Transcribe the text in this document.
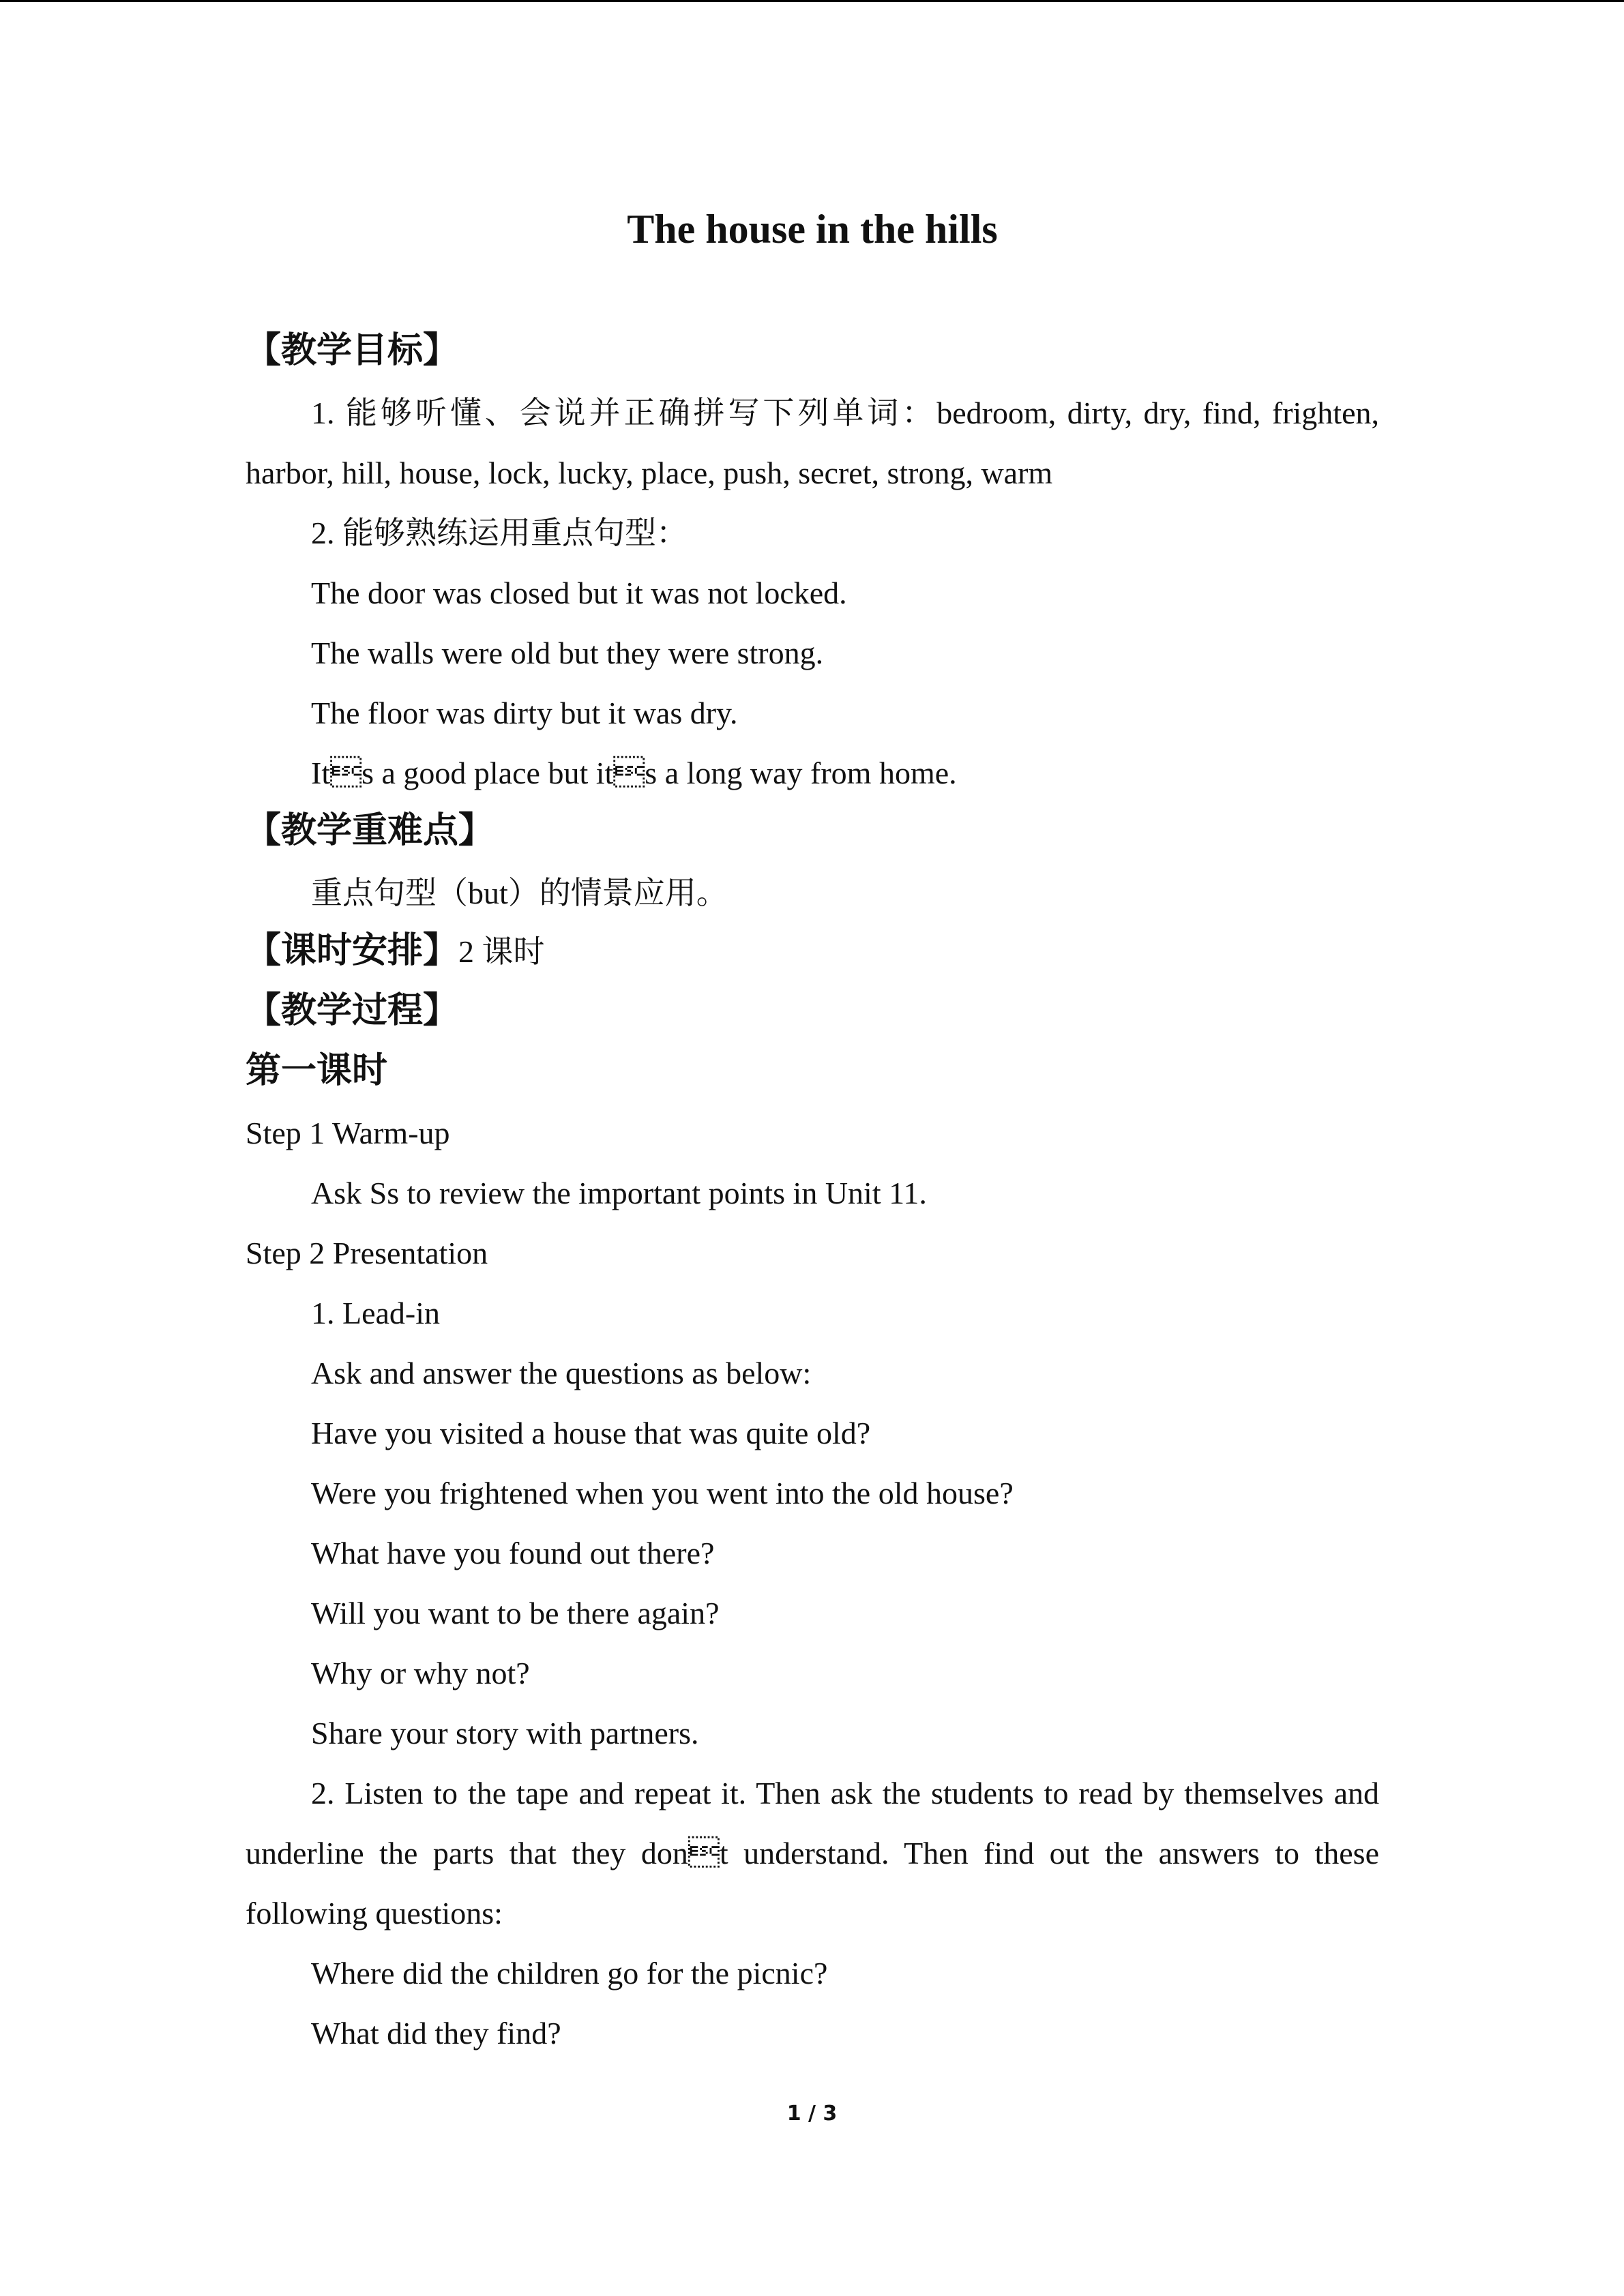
The house in the hills
【教学目标】
1. 能够听懂、会说并正确拼写下列单词：bedroom, dirty, dry, find, frighten,
harbor, hill, house, lock, lucky, place, push, secret, strong, warm
2. 能够熟练运用重点句型：
The door was closed but it was not locked.
The walls were old but they were strong.
The floor was dirty but it was dry.
Its a good place but its a long way from home.
【教学重难点】
重点句型（but）的情景应用。
【课时安排】2 课时
【教学过程】
第一课时
Step 1 Warm-up
Ask Ss to review the important points in Unit 11.
Step 2 Presentation
1. Lead-in
Ask and answer the questions as below:
Have you visited a house that was quite old?
Were you frightened when you went into the old house?
What have you found out there?
Will you want to be there again?
Why or why not?
Share your story with partners.
2. Listen to the tape and repeat it. Then ask the students to read by themselves and
underline the parts that they dont understand. Then find out the answers to these
following questions:
Where did the children go for the picnic?
What did they find?
1 / 3
